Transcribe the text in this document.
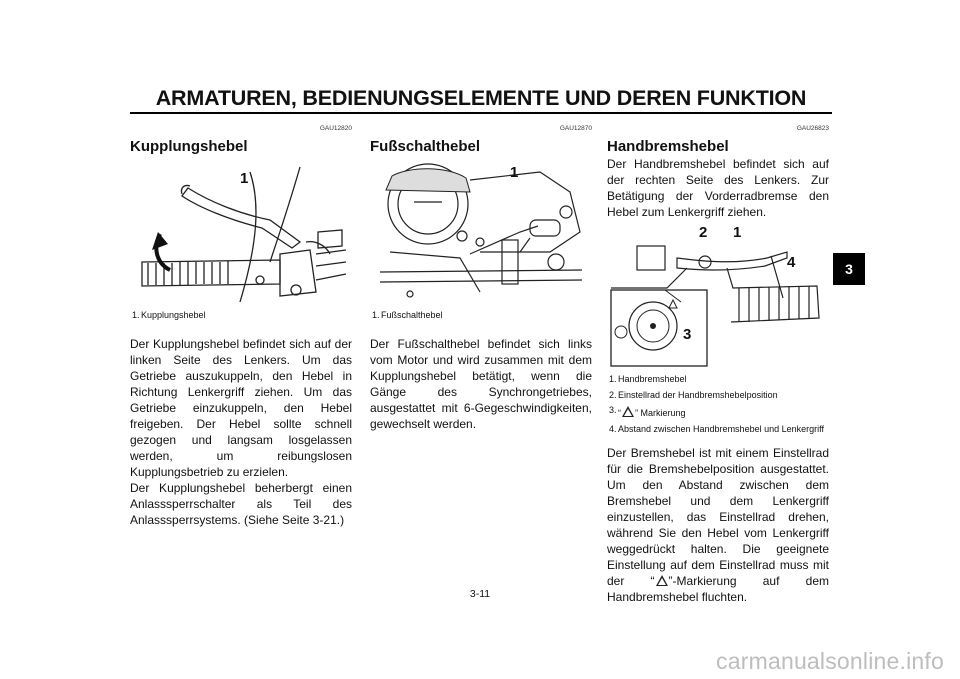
ARMATUREN, BEDIENUNGSELEMENTE UND DEREN FUNKTION
3
GAU12820
Kupplungshebel
1
1. Kupplungshebel

Der Kupplungshebel befindet sich auf der linken Seite des Lenkers. Um das Getriebe auszukuppeln, den Hebel in Richtung Lenkergriff ziehen. Um das Getriebe einzukuppeln, den Hebel freigeben. Der Hebel sollte schnell gezogen und langsam losgelassen werden, um reibungslosen Kupplungsbetrieb zu erzielen.

Der Kupplungshebel beherbergt einen Anlasssperrschalter als Teil des Anlasssperrsystems. (Siehe Seite 3-21.)

GAU12870
Fußschalthebel
1
1. Fußschalthebel

Der Fußschalthebel befindet sich links vom Motor und wird zusammen mit dem Kupplungshebel betätigt, wenn die Gänge des Synchrongetriebes, ausgestattet mit 6-Gegeschwindigkeiten, gewechselt werden.

GAU26823
Handbremshebel

Der Handbremshebel befindet sich auf der rechten Seite des Lenkers. Zur Betätigung der Vorderradbremse den Hebel zum Lenkergriff ziehen.

2 1
4
3
1. Handbremshebel
2. Einstellrad der Handbremshebelposition
3. “ ” Markierung
4. Abstand zwischen Handbremshebel und Lenkergriff

Der Bremshebel ist mit einem Einstellrad für die Bremshebelposition ausgestattet. Um den Abstand zwischen dem Bremshebel und dem Lenkergriff einzustellen, das Einstellrad drehen, während Sie den Hebel vom Lenkergriff weggedrückt halten. Die geeignete Einstellung auf dem Einstellrad muss mit der “ ”-Markierung auf dem Handbremshebel fluchten.

3-11
carmanualsonline.info
